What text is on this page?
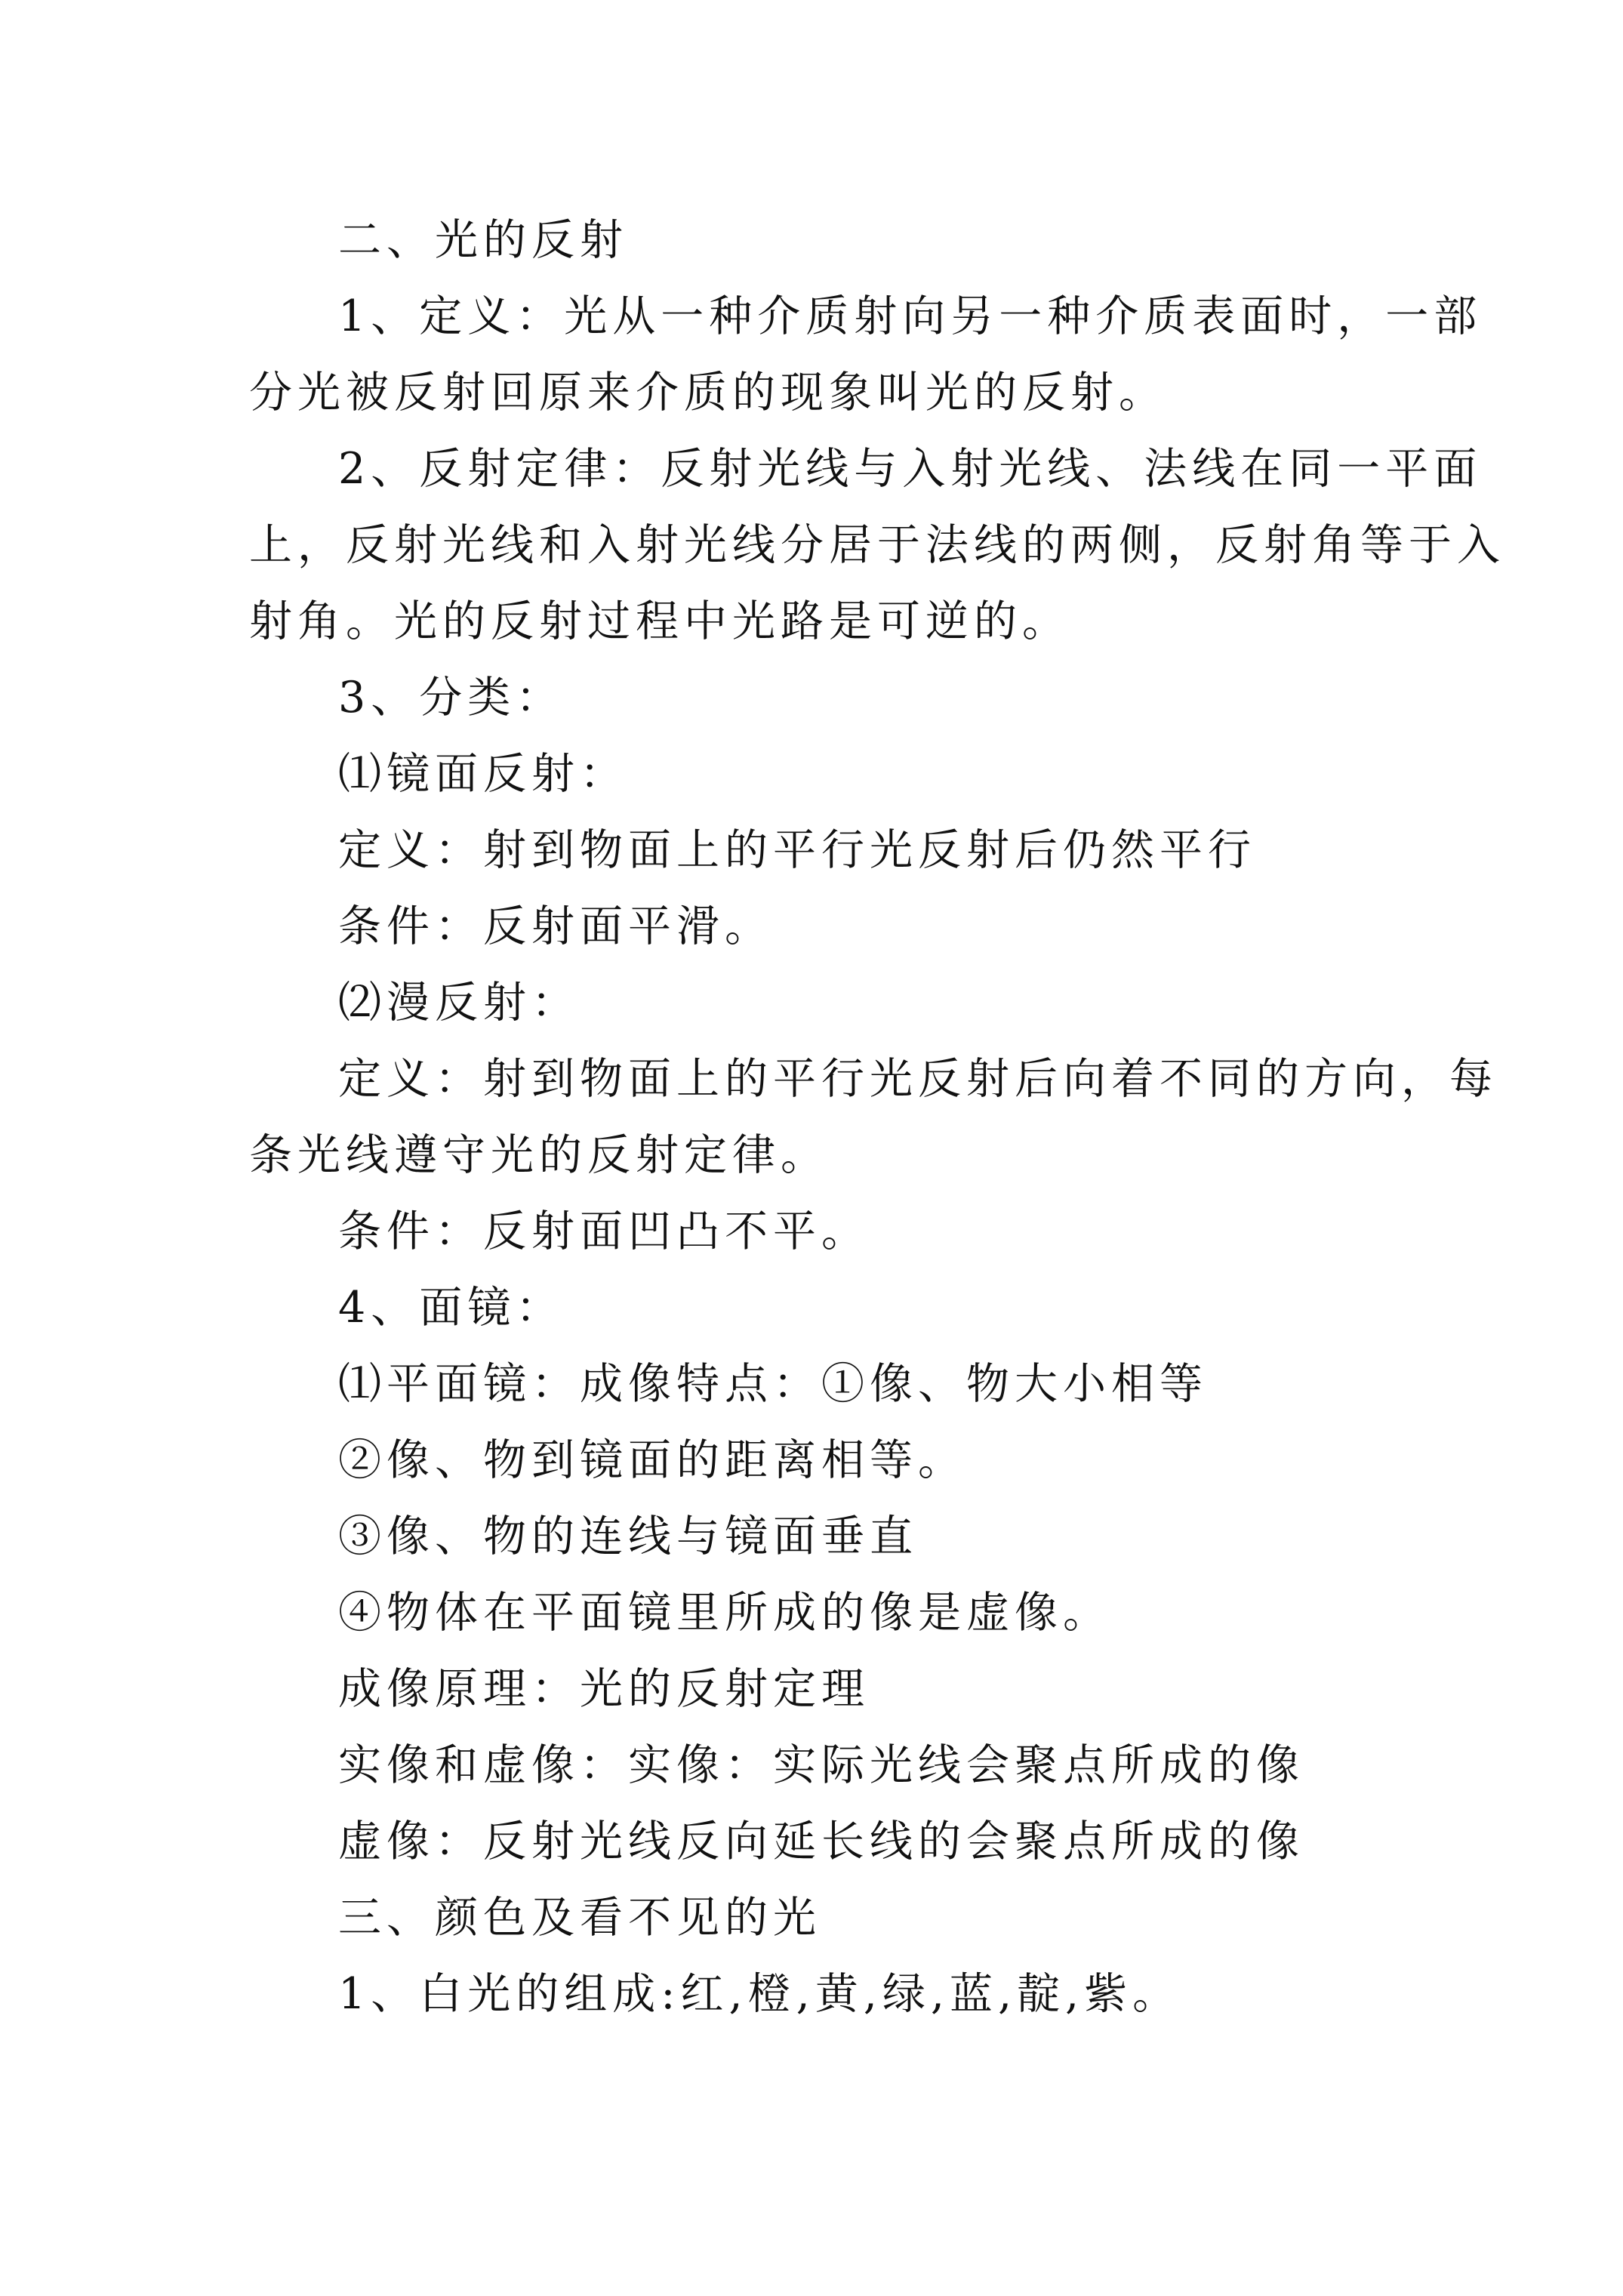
二、光的反射
1、定义：光从一种介质射向另一种介质表面时，一部
分光被反射回原来介质的现象叫光的反射。
2、反射定律：反射光线与入射光线、法线在同一平面
上，反射光线和入射光线分居于法线的两侧，反射角等于入
射角。光的反射过程中光路是可逆的。
3、分类：
⑴镜面反射：
定义：射到物面上的平行光反射后仍然平行
条件：反射面平滑。
⑵漫反射：
定义：射到物面上的平行光反射后向着不同的方向，每
条光线遵守光的反射定律。
条件：反射面凹凸不平。
4、面镜：
⑴平面镜：成像特点：①像、物大小相等
②像、物到镜面的距离相等。
③像、物的连线与镜面垂直
④物体在平面镜里所成的像是虚像。
成像原理：光的反射定理
实像和虚像：实像：实际光线会聚点所成的像
虚像：反射光线反向延长线的会聚点所成的像
三、颜色及看不见的光
1、白光的组成:红,橙,黄,绿,蓝,靛,紫。
